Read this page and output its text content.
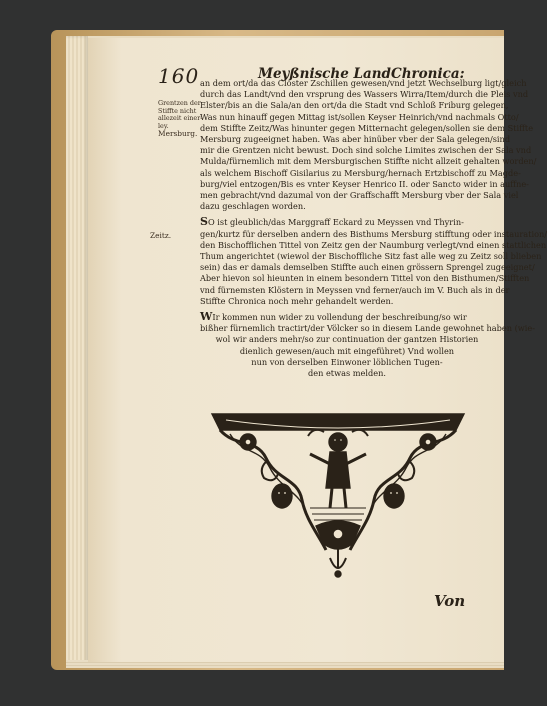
160	Meyßnische LandChronica:
Grentzen der
Stiffte nicht
allezeit einer-
ley.
Mersburg.
Zeitz.

an dem ort/da das Closter Zschillen gewesen/vnd jetzt Wechselburg ligt/gleich
durch das Landt/vnd den vrsprung des Wassers Wirra/Item/durch die Pleis vnd
Elster/bis an die Sala/an den ort/da die Stadt vnd Schloß Friburg gelegen,
Was nun hinauff gegen Mittag ist/sollen Keyser Heinrich/vnd nachmals Otto/
dem Stiffte Zeitz/Was hinunter gegen Mitternacht gelegen/sollen sie dem Stiffte
Mersburg zugeeignet haben. Was aber hinüber vber der Sala gelegen/sind
mir die Grentzen nicht bewust. Doch sind solche Limites zwischen der Sala vnd
Mulda/fürnemlich mit dem Mersburgischen Stiffte nicht allzeit gehalten worden/
als welchem Bischoff Gisilarius zu Mersburg/hernach Ertzbischoff zu Magde-
burg/viel entzogen/Bis es vnter Keyser Henrico II. oder Sancto wider in auffne-
men gebracht/vnd dazumal von der Graffschafft Mersburg vber der Sala viel
dazu geschlagen worden.

SO ist gleublich/das Marggraff Eckard zu Meyssen vnd Thyrin-
gen/kurtz für derselben andern des Bisthums Mersburg stifftung oder instauration/
den Bischofflichen Tittel von Zeitz gen der Naumburg verlegt/vnd einen stattlichen
Thum angerichtet (wiewol der Bischoffliche Sitz fast alle weg zu Zeitz soll blieben
sein) das er damals demselben Stiffte auch einen grössern Sprengel zugeeignet/
Aber hievon sol hieunten in einem besondern Tittel von den Bisthumen/Stifften
vnd fürnemsten Klöstern in Meyssen vnd ferner/auch im V. Buch als in der
Stiffte Chronica noch mehr gehandelt werden.

WIr kommen nun wider zu vollendung der beschreibung/so wir
bißher fürnemlich tractirt/der Völcker so in diesem Lande gewohnet haben (wie-
wol wir anders mehr/so zur continuation der gantzen Historien
dienlich gewesen/auch mit eingeführet) Vnd wollen
nun von derselben Einwoner löblichen Tugen-
den etwas melden.

Von
